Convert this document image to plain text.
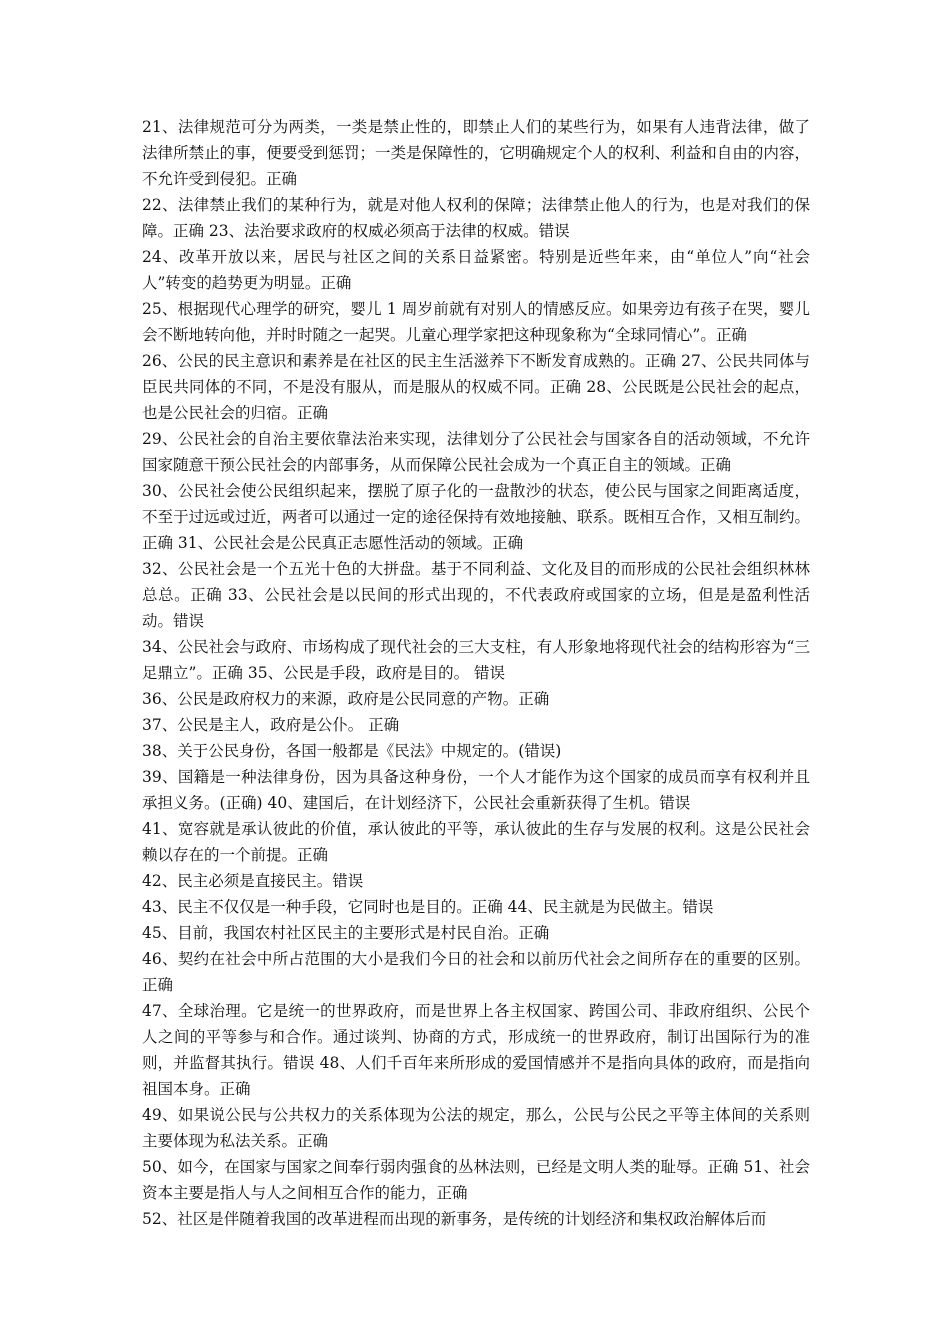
21、法律规范可分为两类，一类是禁止性的，即禁止人们的某些行为，如果有人违背法律，做了法律所禁止的事，便要受到惩罚；一类是保障性的，它明确规定个人的权利、利益和自由的内容，不允许受到侵犯。正确

22、法律禁止我们的某种行为，就是对他人权利的保障；法律禁止他人的行为，也是对我们的保障。正确 23、法治要求政府的权威必须高于法律的权威。错误

24、改革开放以来，居民与社区之间的关系日益紧密。特别是近些年来，由“单位人”向“社会人”转变的趋势更为明显。正确

25、根据现代心理学的研究，婴儿 1 周岁前就有对别人的情感反应。如果旁边有孩子在哭，婴儿会不断地转向他，并时时随之一起哭。儿童心理学家把这种现象称为“全球同情心”。正确

26、公民的民主意识和素养是在社区的民主生活滋养下不断发育成熟的。正确 27、公民共同体与臣民共同体的不同，不是没有服从，而是服从的权威不同。正确 28、公民既是公民社会的起点，也是公民社会的归宿。正确

29、公民社会的自治主要依靠法治来实现，法律划分了公民社会与国家各自的活动领域，不允许国家随意干预公民社会的内部事务，从而保障公民社会成为一个真正自主的领域。正确

30、公民社会使公民组织起来，摆脱了原子化的一盘散沙的状态，使公民与国家之间距离适度，不至于过远或过近，两者可以通过一定的途径保持有效地接触、联系。既相互合作，又相互制约。正确 31、公民社会是公民真正志愿性活动的领域。正确

32、公民社会是一个五光十色的大拼盘。基于不同利益、文化及目的而形成的公民社会组织林林总总。正确 33、公民社会是以民间的形式出现的，不代表政府或国家的立场，但是是盈利性活动。错误

34、公民社会与政府、市场构成了现代社会的三大支柱，有人形象地将现代社会的结构形容为“三足鼎立”。正确 35、公民是手段，政府是目的。 错误

36、公民是政府权力的来源，政府是公民同意的产物。正确

37、公民是主人，政府是公仆。 正确

38、关于公民身份，各国一般都是《民法》中规定的。(错误)

39、国籍是一种法律身份，因为具备这种身份，一个人才能作为这个国家的成员而享有权利并且承担义务。(正确) 40、建国后，在计划经济下，公民社会重新获得了生机。错误

41、宽容就是承认彼此的价值，承认彼此的平等，承认彼此的生存与发展的权利。这是公民社会赖以存在的一个前提。正确

42、民主必须是直接民主。错误

43、民主不仅仅是一种手段，它同时也是目的。正确 44、民主就是为民做主。错误

45、目前，我国农村社区民主的主要形式是村民自治。正确

46、契约在社会中所占范围的大小是我们今日的社会和以前历代社会之间所存在的重要的区别。正确

47、全球治理。它是统一的世界政府，而是世界上各主权国家、跨国公司、非政府组织、公民个人之间的平等参与和合作。通过谈判、协商的方式，形成统一的世界政府，制订出国际行为的准则，并监督其执行。错误 48、人们千百年来所形成的爱国情感并不是指向具体的政府，而是指向祖国本身。正确

49、如果说公民与公共权力的关系体现为公法的规定，那么，公民与公民之平等主体间的关系则主要体现为私法关系。正确

50、如今，在国家与国家之间奉行弱肉强食的丛林法则，已经是文明人类的耻辱。正确 51、社会资本主要是指人与人之间相互合作的能力，正确

52、社区是伴随着我国的改革进程而出现的新事务，是传统的计划经济和集权政治解体后而
